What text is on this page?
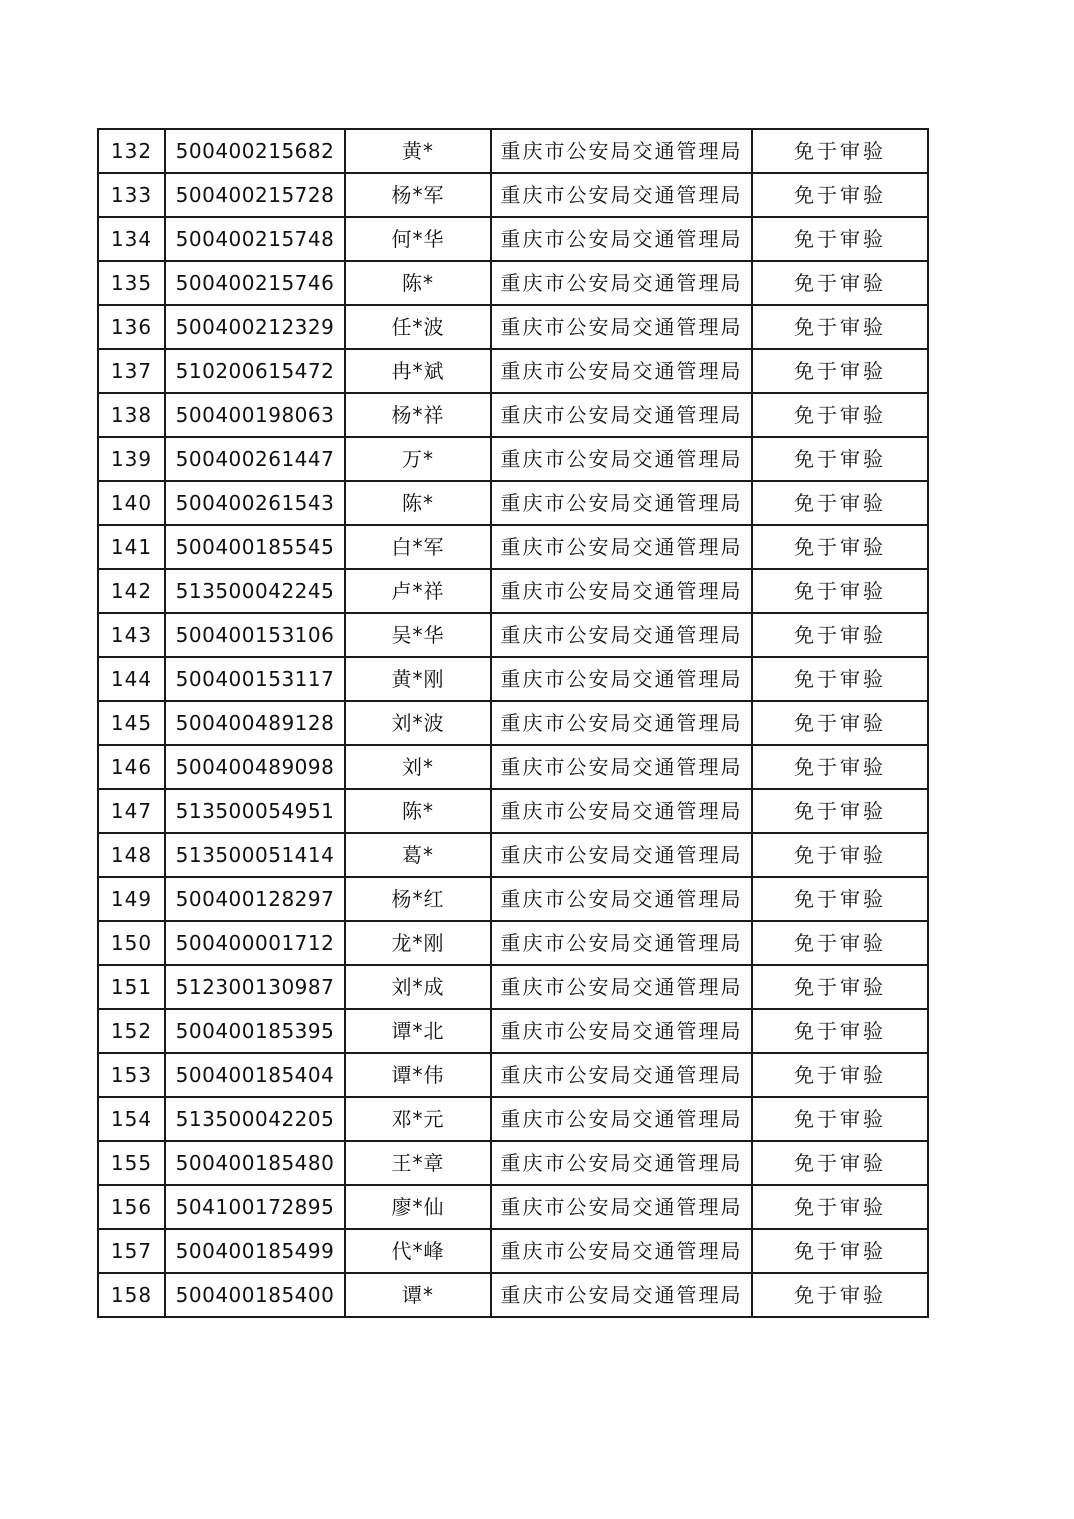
132	500400215682	黄*	重庆市公安局交通管理局	免于审验
133	500400215728	杨*军	重庆市公安局交通管理局	免于审验
134	500400215748	何*华	重庆市公安局交通管理局	免于审验
135	500400215746	陈*	重庆市公安局交通管理局	免于审验
136	500400212329	任*波	重庆市公安局交通管理局	免于审验
137	510200615472	冉*斌	重庆市公安局交通管理局	免于审验
138	500400198063	杨*祥	重庆市公安局交通管理局	免于审验
139	500400261447	万*	重庆市公安局交通管理局	免于审验
140	500400261543	陈*	重庆市公安局交通管理局	免于审验
141	500400185545	白*军	重庆市公安局交通管理局	免于审验
142	513500042245	卢*祥	重庆市公安局交通管理局	免于审验
143	500400153106	吴*华	重庆市公安局交通管理局	免于审验
144	500400153117	黄*刚	重庆市公安局交通管理局	免于审验
145	500400489128	刘*波	重庆市公安局交通管理局	免于审验
146	500400489098	刘*	重庆市公安局交通管理局	免于审验
147	513500054951	陈*	重庆市公安局交通管理局	免于审验
148	513500051414	葛*	重庆市公安局交通管理局	免于审验
149	500400128297	杨*红	重庆市公安局交通管理局	免于审验
150	500400001712	龙*刚	重庆市公安局交通管理局	免于审验
151	512300130987	刘*成	重庆市公安局交通管理局	免于审验
152	500400185395	谭*北	重庆市公安局交通管理局	免于审验
153	500400185404	谭*伟	重庆市公安局交通管理局	免于审验
154	513500042205	邓*元	重庆市公安局交通管理局	免于审验
155	500400185480	王*章	重庆市公安局交通管理局	免于审验
156	504100172895	廖*仙	重庆市公安局交通管理局	免于审验
157	500400185499	代*峰	重庆市公安局交通管理局	免于审验
158	500400185400	谭*	重庆市公安局交通管理局	免于审验
